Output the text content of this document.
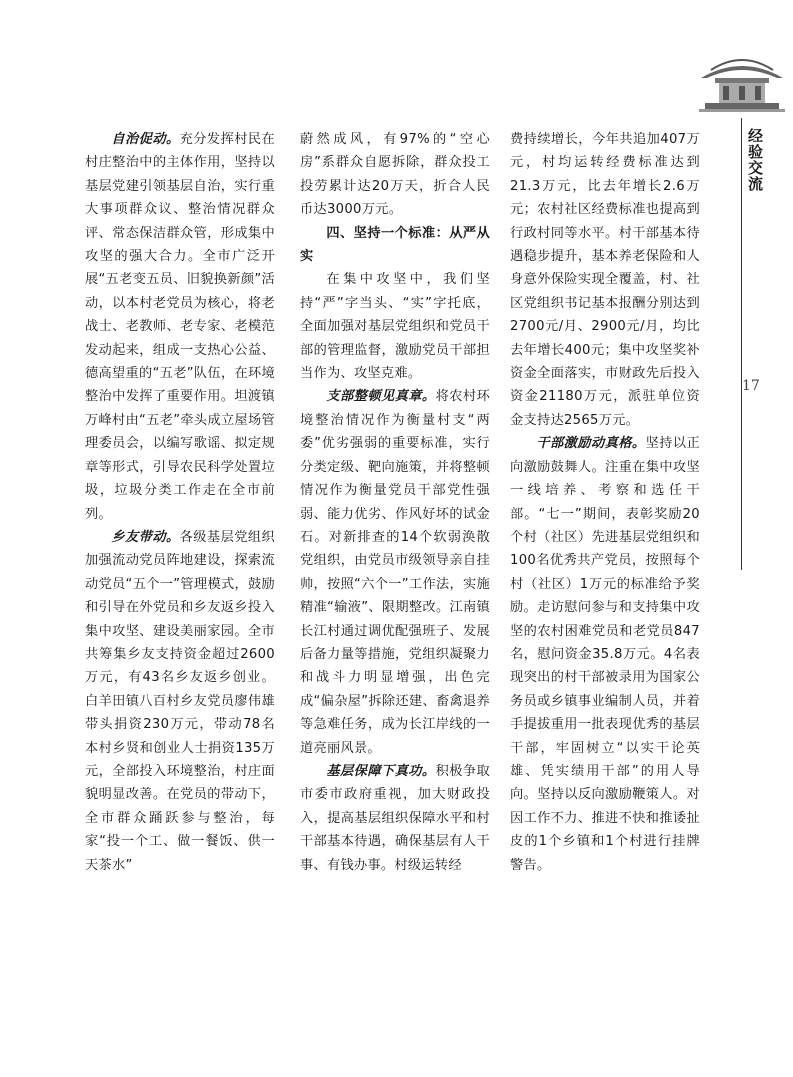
经验交流
17

自治促动。充分发挥村民在村庄整治中的主体作用，坚持以基层党建引领基层自治，实行重大事项群众议、整治情况群众评、常态保洁群众管，形成集中攻坚的强大合力。全市广泛开展“五老变五员、旧貌换新颜”活动，以本村老党员为核心，将老战士、老教师、老专家、老模范发动起来，组成一支热心公益、德高望重的“五老”队伍，在环境整治中发挥了重要作用。坦渡镇万峰村由“五老”牵头成立屋场管理委员会，以编写歌谣、拟定规章等形式，引导农民科学处置垃圾，垃圾分类工作走在全市前列。

乡友带动。各级基层党组织加强流动党员阵地建设，探索流动党员“五个一”管理模式，鼓励和引导在外党员和乡友返乡投入集中攻坚、建设美丽家园。全市共筹集乡友支持资金超过2600万元，有43名乡友返乡创业。白羊田镇八百村乡友党员廖伟雄带头捐资230万元，带动78名本村乡贤和创业人士捐资135万元，全部投入环境整治，村庄面貌明显改善。在党员的带动下，全市群众踊跃参与整治，每家“投一个工、做一餐饭、供一天茶水”

蔚然成风，有97%的“空心房”系群众自愿拆除，群众投工投劳累计达20万天，折合人民币达3000万元。

四、坚持一个标准：从严从实

在集中攻坚中，我们坚持“严”字当头、“实”字托底，全面加强对基层党组织和党员干部的管理监督，激励党员干部担当作为、攻坚克难。

支部整顿见真章。将农村环境整治情况作为衡量村支“两委”优劣强弱的重要标准，实行分类定级、靶向施策，并将整顿情况作为衡量党员干部党性强弱、能力优劣、作风好坏的试金石。对新排查的14个软弱涣散党组织，由党员市级领导亲自挂帅，按照“六个一”工作法，实施精准“输液”、限期整改。江南镇长江村通过调优配强班子、发展后备力量等措施，党组织凝聚力和战斗力明显增强，出色完成“偏杂屋”拆除还建、畜禽退养等急难任务，成为长江岸线的一道亮丽风景。

基层保障下真功。积极争取市委市政府重视，加大财政投入，提高基层组织保障水平和村干部基本待遇，确保基层有人干事、有钱办事。村级运转经

费持续增长，今年共追加407万元，村均运转经费标准达到21.3万元，比去年增长2.6万元；农村社区经费标准也提高到行政村同等水平。村干部基本待遇稳步提升，基本养老保险和人身意外保险实现全覆盖，村、社区党组织书记基本报酬分别达到2700元/月、2900元/月，均比去年增长400元；集中攻坚奖补资金全面落实，市财政先后投入资金21180万元，派驻单位资金支持达2565万元。

干部激励动真格。坚持以正向激励鼓舞人。注重在集中攻坚一线培养、考察和选任干部。“七一”期间，表彰奖励20个村（社区）先进基层党组织和100名优秀共产党员，按照每个村（社区）1万元的标准给予奖励。走访慰问参与和支持集中攻坚的农村困难党员和老党员847名，慰问资金35.8万元。4名表现突出的村干部被录用为国家公务员或乡镇事业编制人员，并着手提拔重用一批表现优秀的基层干部，牢固树立“以实干论英雄、凭实绩用干部”的用人导向。坚持以反向激励鞭策人。对因工作不力、推进不快和推诿扯皮的1个乡镇和1个村进行挂牌警告。
